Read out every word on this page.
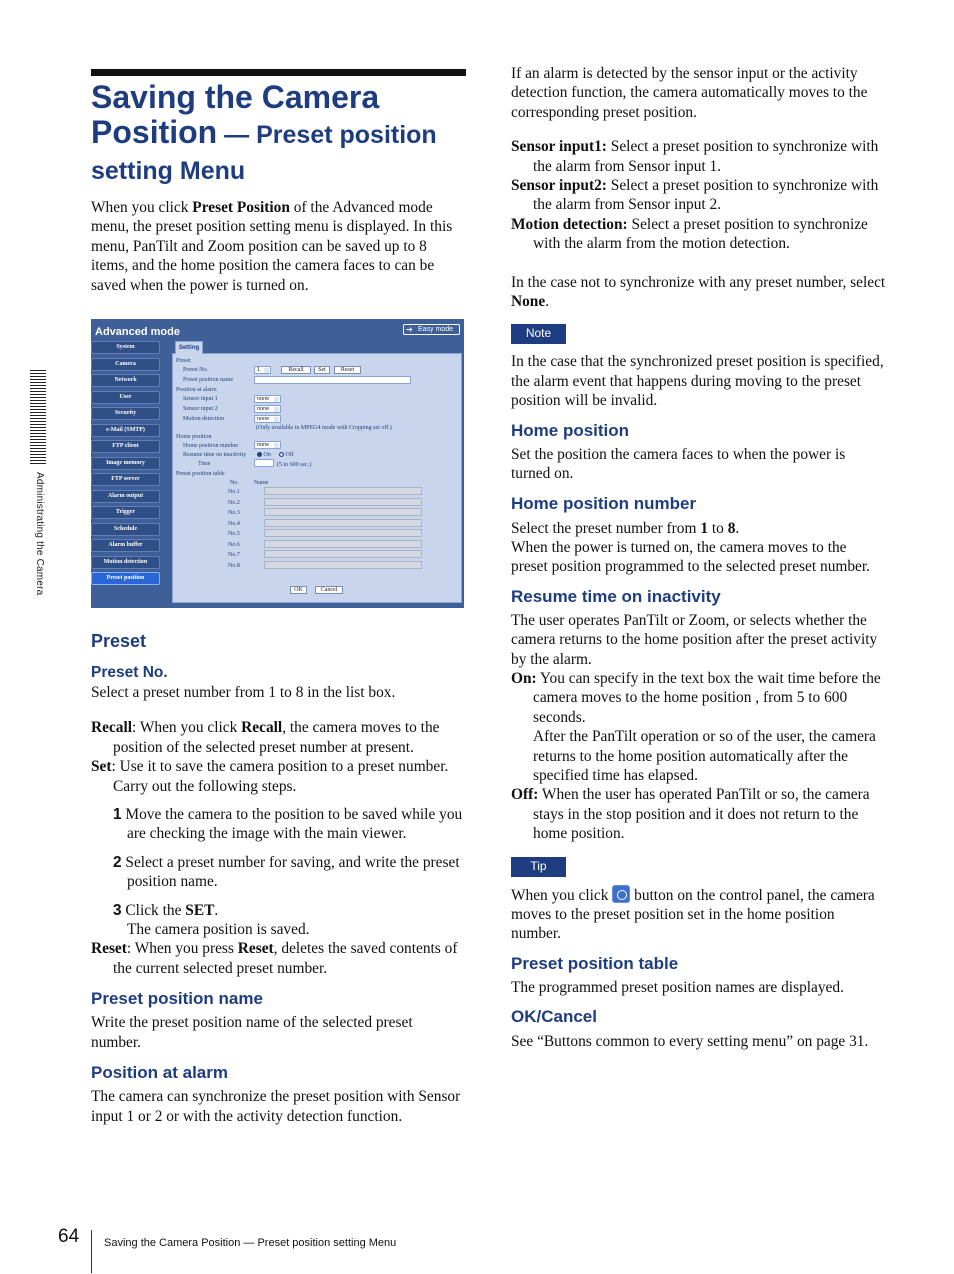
Administrating the Camera
Saving the Camera
Position — Preset position
setting Menu

When you click Preset Position of the Advanced mode menu, the preset position setting menu is displayed. In this menu, PanTilt and Zoom position can be saved up to 8 items, and the home position the camera faces to can be saved when the power is turned on.

Advanced mode
➔	Easy mode
System
Camera
Network
User
Security
e-Mail (SMTP)
FTP client
Image memory
FTP server
Alarm output
Trigger
Schedule
Alarm buffer
Motion detection
Preset position
Setting
Preset
Preset No.	1	Recall	Set	Reset
Preset position name
Position at alarm
Sensor input 1	none
Sensor input 2	none
Motion detection	none
(Only available in MPEG4 mode with Cropping set off.)
Home position
Home position number	none
Resume time on inactivity	On	Off
Time	(5 to 600 sec.)
Preset position table
No.	Name
No.1
No.2
No.3
No.4
No.5
No.6
No.7
No.8
OK	Cancel
Preset
Preset No.

Select a preset number from 1 to 8 in the list box.

Recall: When you click Recall, the camera moves to the position of the selected preset number at present.

Set: Use it to save the camera position to a preset number.

Carry out the following steps.

1 Move the camera to the position to be saved while you are checking the image with the main viewer.

2 Select a preset number for saving, and write the preset position name.

3 Click the SET.

The camera position is saved.

Reset: When you press Reset, deletes the saved contents of the current selected preset number.

Preset position name

Write the preset position name of the selected preset number.

Position at alarm

The camera can synchronize the preset position with Sensor input 1 or 2 or with the activity detection function.

If an alarm is detected by the sensor input or the activity detection function, the camera automatically moves to the corresponding preset position.

Sensor input1: Select a preset position to synchronize with the alarm from Sensor input 1.

Sensor input2: Select a preset position to synchronize with the alarm from Sensor input 2.

Motion detection: Select a preset position to synchronize with the alarm from the motion detection.

In the case not to synchronize with any preset number, select None.

Note

In the case that the synchronized preset position is specified, the alarm event that happens during moving to the preset position will be invalid.

Home position

Set the position the camera faces to when the power is turned on.

Home position number

Select the preset number from 1 to 8.

When the power is turned on, the camera moves to the preset position programmed to the selected preset number.

Resume time on inactivity

The user operates PanTilt or Zoom, or selects whether the camera returns to the home position after the preset activity by the alarm.

On: You can specify in the text box the wait time before the camera moves to the home position , from 5 to 600 seconds.

After the PanTilt operation or so of the user, the camera returns to the home position automatically after the specified time has elapsed.

Off: When the user has operated PanTilt or so, the camera stays in the stop position and it does not return to the home position.

Tip

When you click  button on the control panel, the camera moves to the preset position set in the home position number.

Preset position table

The programmed preset position names are displayed.

OK/Cancel

See “Buttons common to every setting menu” on page 31.

64 Saving the Camera Position — Preset position setting Menu
